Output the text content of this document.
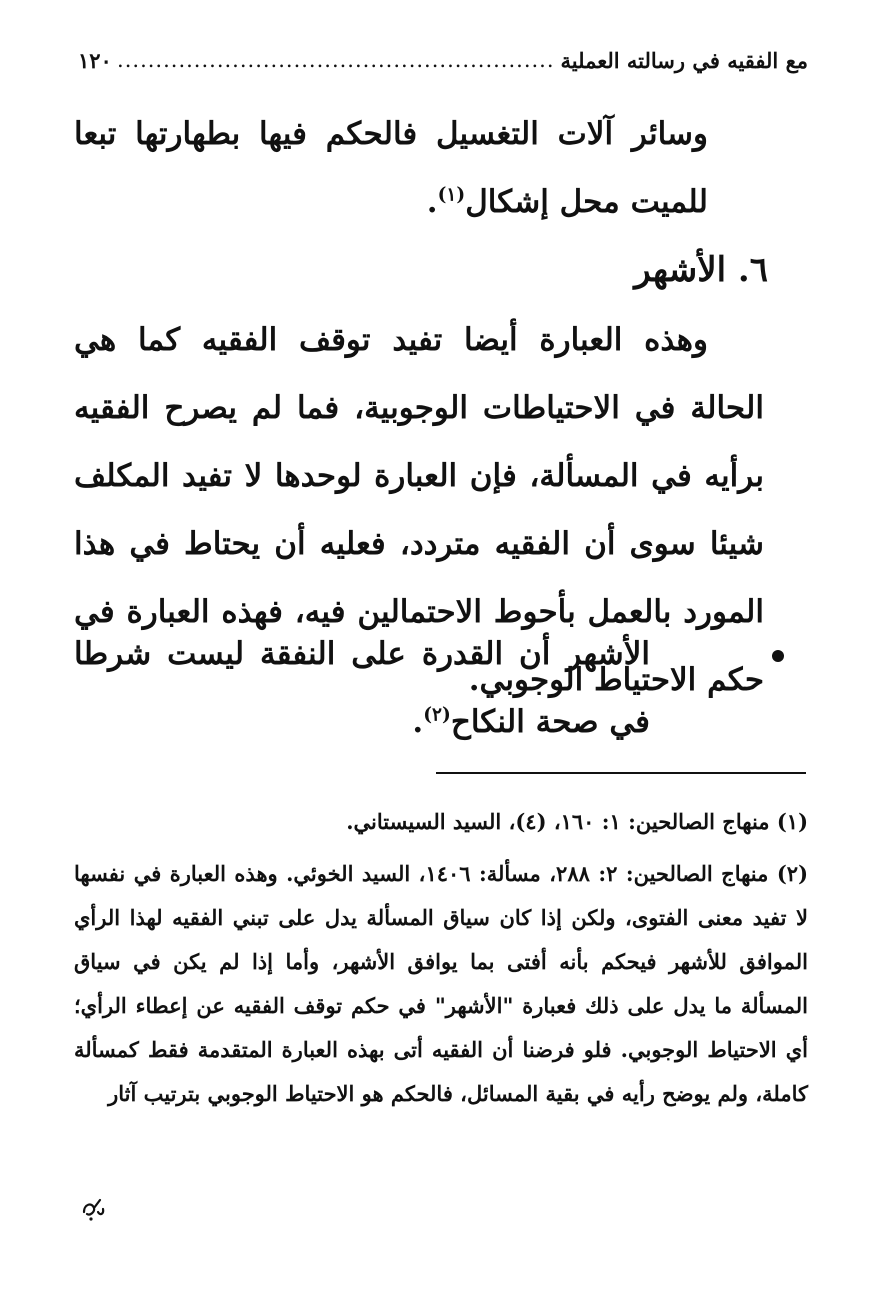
مع الفقيه في رسالته العملية
.....
١٢٠
وسائر آلات التغسيل فالحكم فيها بطهارتها تبعا للميت محل إشكال$^{(١)}$.
٦. الأشهر
وهذه العبارة أيضا تفيد توقف الفقيه كما هي الحالة في الاحتياطات الوجوبية، فما لم يصرح الفقيه برأيه في المسألة، فإن العبارة لوحدها لا تفيد المكلف شيئا سوى أن الفقيه متردد، فعليه أن يحتاط في هذا المورد بالعمل بأحوط الاحتمالين فيه، فهذه العبارة في حكم الاحتياط الوجوبي.
الأشهر أن القدرة على النفقة ليست شرطا في صحة النكاح$^{(٢)}$.
(١) منهاج الصالحين: ١: ١٦٠، (٤)، السيد السيستاني.
(٢) منهاج الصالحين: ٢: ٢٨٨، مسألة: ١٤٠٦، السيد الخوئي. وهذه العبارة في نفسها لا تفيد معنى الفتوى، ولكن إذا كان سياق المسألة يدل على تبني الفقيه لهذا الرأي الموافق للأشهر فيحكم بأنه أفتى بما يوافق الأشهر، وأما إذا لم يكن في سياق المسألة ما يدل على ذلك فعبارة "الأشهر" في حكم توقف الفقيه عن إعطاء الرأي؛ أي الاحتياط الوجوبي. فلو فرضنا أن الفقيه أتى بهذه العبارة المتقدمة فقط كمسألة كاملة، ولم يوضح رأيه في بقية المسائل، فالحكم هو الاحتياط الوجوبي بترتيب آثار
